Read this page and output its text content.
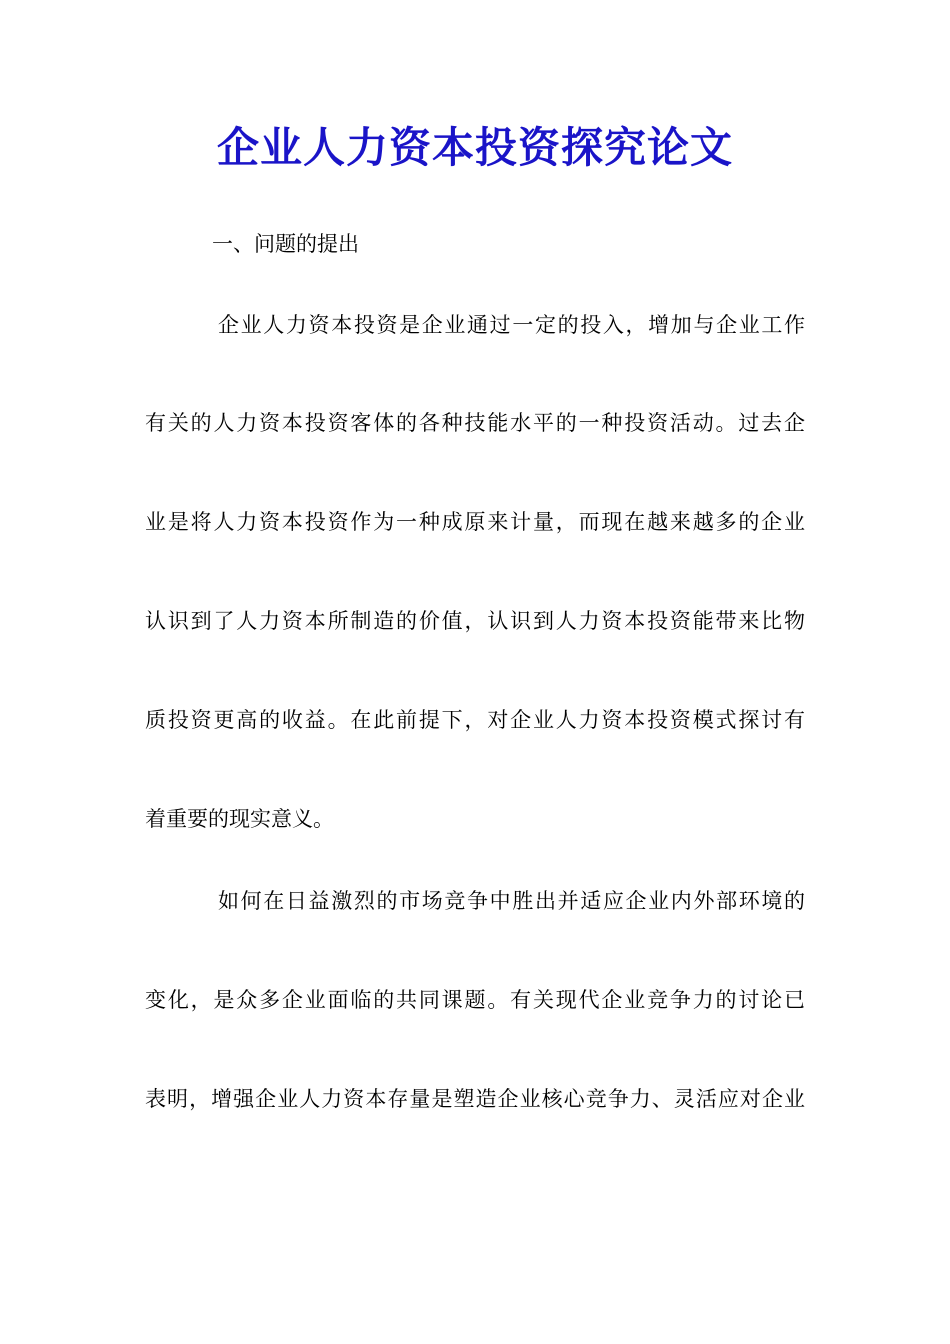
企业人力资本投资探究论文

一、问题的提出

企业人力资本投资是企业通过一定的投入，增加与企业工作

有关的人力资本投资客体的各种技能水平的一种投资活动。过去企

业是将人力资本投资作为一种成原来计量，而现在越来越多的企业

认识到了人力资本所制造的价值，认识到人力资本投资能带来比物

质投资更高的收益。在此前提下，对企业人力资本投资模式探讨有

着重要的现实意义。

如何在日益激烈的市场竞争中胜出并适应企业内外部环境的

变化，是众多企业面临的共同课题。有关现代企业竞争力的讨论已

表明，增强企业人力资本存量是塑造企业核心竞争力、灵活应对企业
